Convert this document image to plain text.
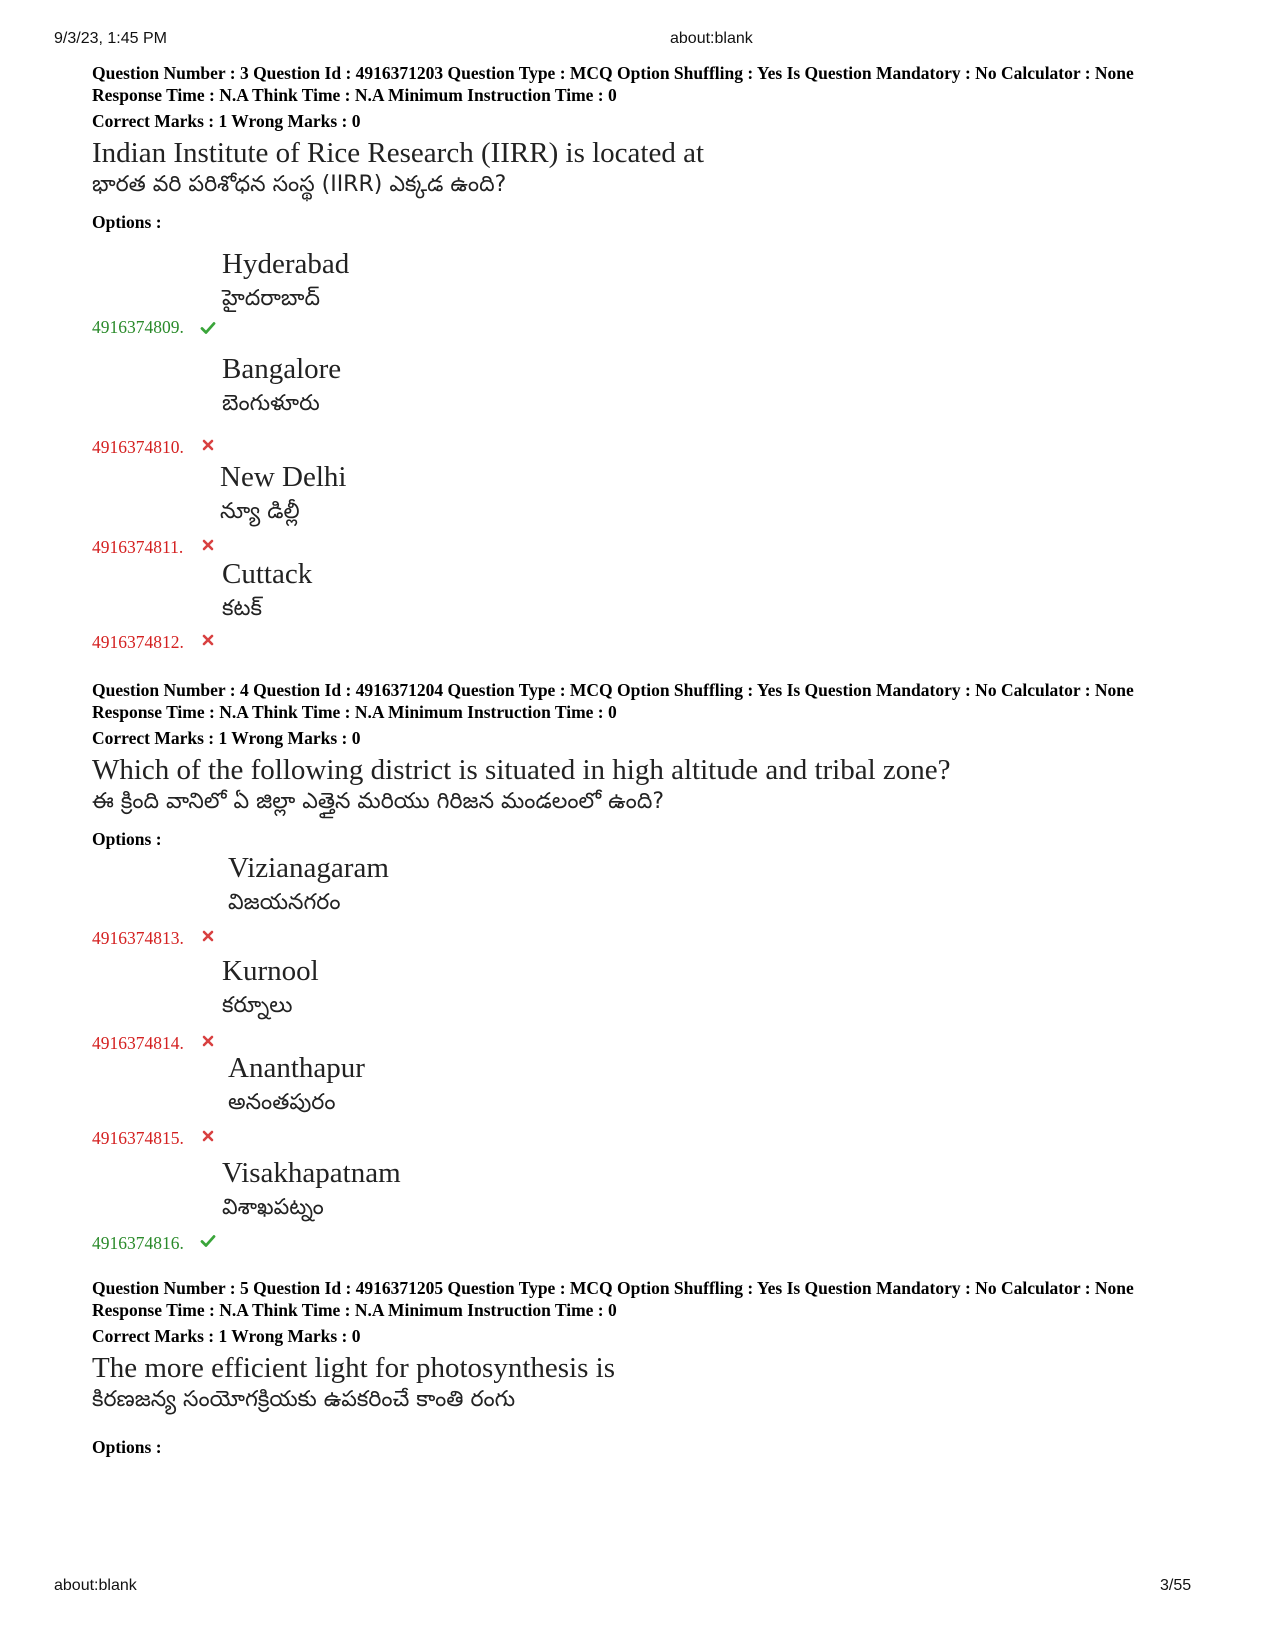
9/3/23, 1:45 PM	about:blank
about:blank	3/55
Question Number : 3 Question Id : 4916371203 Question Type : MCQ Option Shuffling : Yes Is Question Mandatory : No Calculator : None Response Time : N.A Think Time : N.A Minimum Instruction Time : 0
Correct Marks : 1 Wrong Marks : 0
Indian Institute of Rice Research (IIRR) is located at
భారత వరి పరిశోధన సంస్థ (IIRR) ఎక్కడ ఉంది?
Options :
Hyderabad
హైదరాబాద్
4916374809.
Bangalore
బెంగుళూరు
4916374810.
New Delhi
న్యూ డిల్లీ
4916374811.
Cuttack
కటక్
4916374812.
Question Number : 4 Question Id : 4916371204 Question Type : MCQ Option Shuffling : Yes Is Question Mandatory : No Calculator : None Response Time : N.A Think Time : N.A Minimum Instruction Time : 0
Correct Marks : 1 Wrong Marks : 0
Which of the following district is situated in high altitude and tribal zone?
ఈ క్రింది వానిలో ఏ జిల్లా ఎత్తైన మరియు గిరిజన మండలంలో ఉంది?
Options :
Vizianagaram
విజయనగరం
4916374813.
Kurnool
కర్నూలు
4916374814.
Ananthapur
అనంతపురం
4916374815.
Visakhapatnam
విశాఖపట్నం
4916374816.
Question Number : 5 Question Id : 4916371205 Question Type : MCQ Option Shuffling : Yes Is Question Mandatory : No Calculator : None Response Time : N.A Think Time : N.A Minimum Instruction Time : 0
Correct Marks : 1 Wrong Marks : 0
The more efficient light for photosynthesis is
కిరణజన్య సంయోగక్రియకు ఉపకరించే కాంతి రంగు
Options :
